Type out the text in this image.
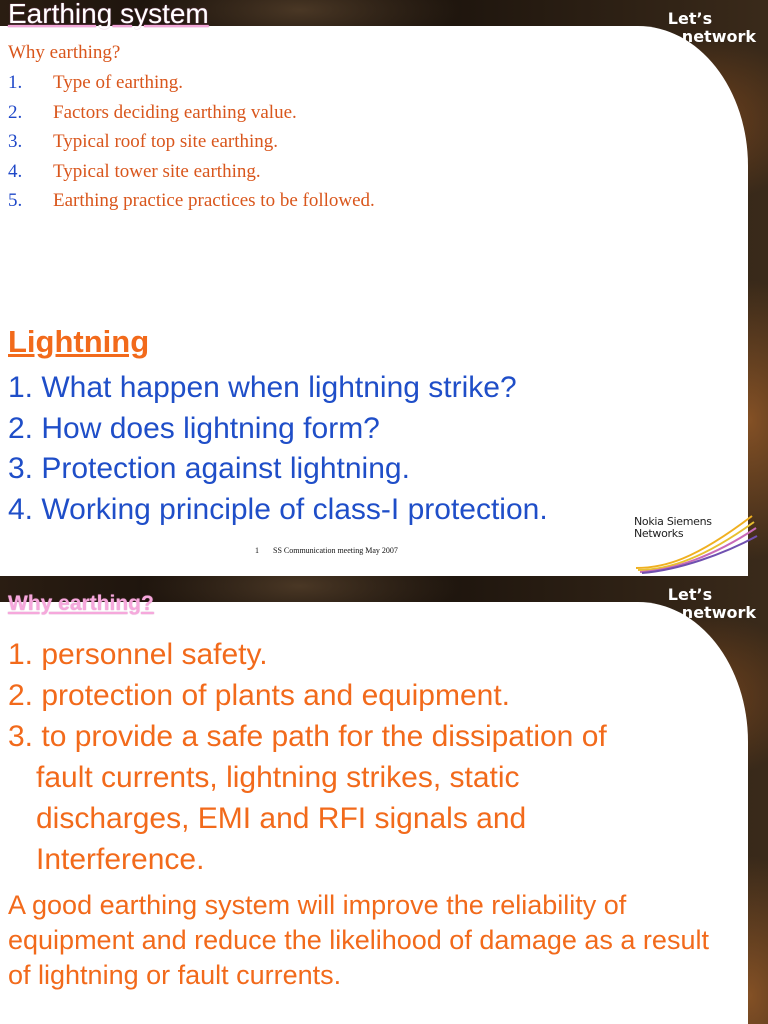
Earthing system	Let’s
network
Why earthing?
1. Type of earthing.
2. Factors deciding earthing value.
3. Typical roof top site earthing.
4. Typical tower site earthing.
5. Earthing practice practices to be followed.
Lightning
1. What happen when lightning strike?
2. How does lightning form?
3. Protection against lightning.
4. Working principle of class-I protection.
1 SS Communication meeting May 2007
Nokia Siemens
Networks
Why earthing?	Let’s
network
1. personnel safety.
2. protection of plants and equipment.
3. to provide a safe path for the dissipation of
fault currents, lightning strikes, static discharges, EMI and RFI signals and Interference.

A good earthing system will improve the reliability of equipment and reduce the likelihood of damage as a result of lightning or fault currents.
